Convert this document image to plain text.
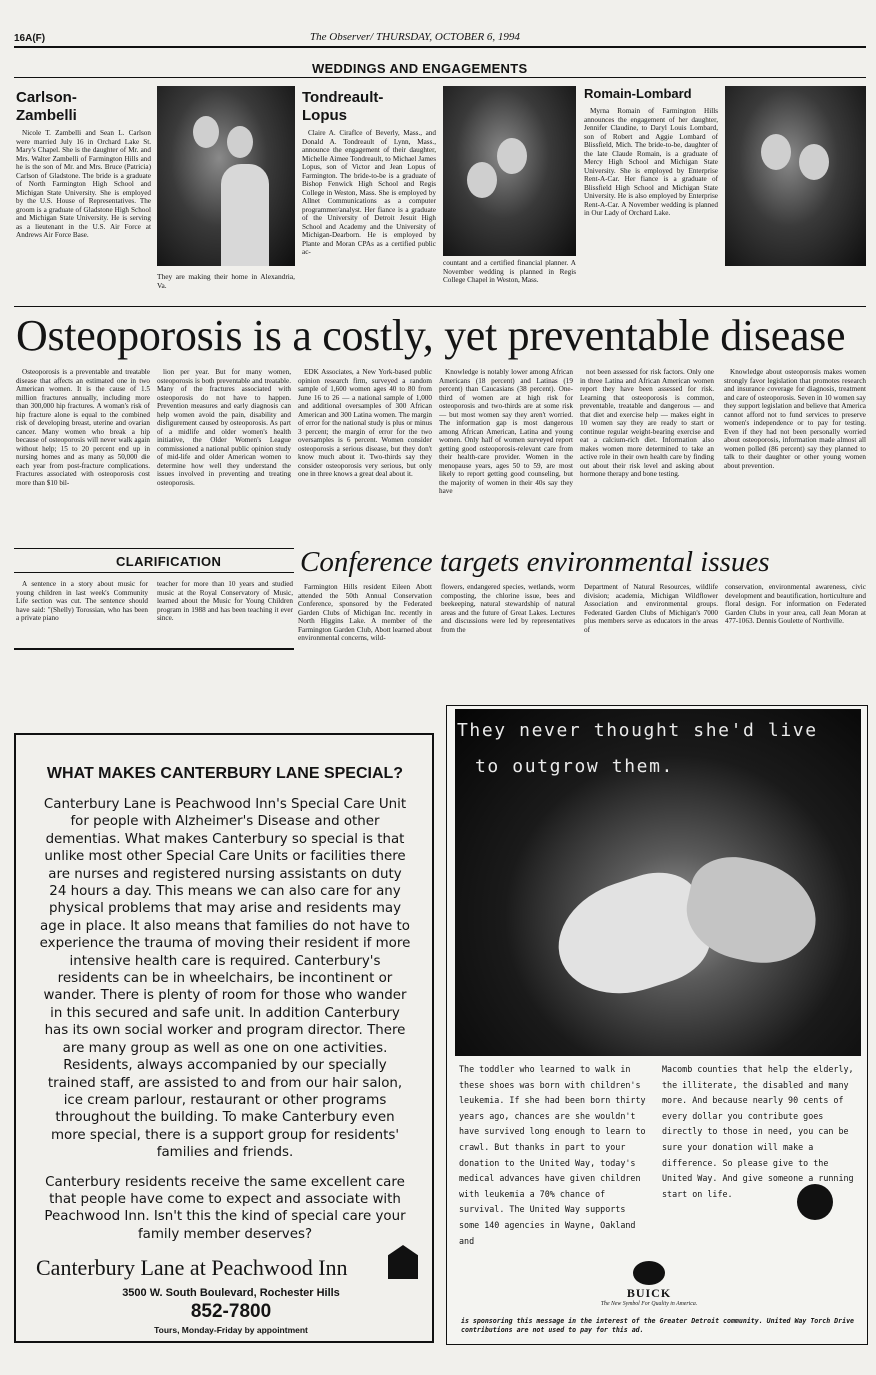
16A(F)	The Observer/ THURSDAY, OCTOBER 6, 1994
WEDDINGS AND ENGAGEMENTS
Carlson-
Zambelli

Nicole T. Zambelli and Sean L. Carlson were married July 16 in Orchard Lake St. Mary's Chapel. She is the daughter of Mr. and Mrs. Walter Zambelli of Farmington Hills and he is the son of Mr. and Mrs. Bruce (Patricia) Carlson of Gladstone. The bride is a graduate of North Farmington High School and Michigan State University. She is employed by the U.S. House of Representatives. The groom is a graduate of Gladstone High School and Michigan State University. He is serving as a lieutenant in the U.S. Air Force at Andrews Air Force Base.

They are making their home in Alexandria, Va.

Tondreault-
Lopus

Claire A. Ciraflce of Beverly, Mass., and Donald A. Tondreault of Lynn, Mass., announce the engagement of their daughter, Michelle Aimee Tondreault, to Michael James Lopus, son of Victor and Jean Lopus of Farmington. The bride-to-be is a graduate of Bishop Fenwick High School and Regis College in Weston, Mass. She is employed by Allnet Communications as a computer programmer/analyst. Her fiance is a graduate of the University of Detroit Jesuit High School and Academy and the University of Michigan-Dearborn. He is employed by Plante and Moran CPAs as a certified public ac-

countant and a certified financial planner. A November wedding is planned in Regis College Chapel in Weston, Mass.

Romain-Lombard

Myrna Romain of Farmington Hills announces the engagement of her daughter, Jennifer Claudine, to Daryl Louis Lombard, son of Robert and Aggie Lombard of Blissfield, Mich. The bride-to-be, daughter of the late Claude Romain, is a graduate of Mercy High School and Michigan State University. She is employed by Enterprise Rent-A-Car. Her fiance is a graduate of Blissfield High School and Michigan State University. He is also employed by Enterprise Rent-A-Car. A November wedding is planned in Our Lady of Orchard Lake.

Osteoporosis is a costly, yet preventable disease

Osteoporosis is a preventable and treatable disease that affects an estimated one in two American women. It is the cause of 1.5 million fractures annually, including more than 300,000 hip fractures. A woman's risk of hip fracture alone is equal to the combined risk of developing breast, uterine and ovarian cancer. Many women who break a hip because of osteoporosis will never walk again without help; 15 to 20 percent end up in nursing homes and as many as 50,000 die each year from post-fracture complications. Fractures associated with osteoporosis cost more than $10 bil-

lion per year. But for many women, osteoporosis is both preventable and treatable. Many of the fractures associated with osteoporosis do not have to happen. Prevention measures and early diagnosis can help women avoid the pain, disability and disfigurement caused by osteoporosis. As part of a midlife and older women's health initiative, the Older Women's League commissioned a national public opinion study of mid-life and older American women to determine how well they understand the issues involved in preventing and treating osteoporosis.

EDK Associates, a New York-based public opinion research firm, surveyed a random sample of 1,600 women ages 40 to 80 from June 16 to 26 — a national sample of 1,000 and additional oversamples of 300 African American and 300 Latina women. The margin of error for the national study is plus or minus 3 percent; the margin of error for the two oversamples is 6 percent. Women consider osteoporosis a serious disease, but they don't know much about it. Two-thirds say they consider osteoporosis very serious, but only one in three knows a great deal about it.

Knowledge is notably lower among African Americans (18 percent) and Latinas (19 percent) than Caucasians (38 percent). One-third of women are at high risk for osteoporosis and two-thirds are at some risk — but most women say they aren't worried. The information gap is most dangerous among African American, Latina and young women. Only half of women surveyed report getting good osteoporosis-relevant care from their health-care provider. Women in the menopause years, ages 50 to 59, are most likely to report getting good counseling, but the majority of women in their 40s say they have

not been assessed for risk factors. Only one in three Latina and African American women report they have been assessed for risk. Learning that osteoporosis is common, preventable, treatable and dangerous — and that diet and exercise help — makes eight in 10 women say they are ready to start or continue regular weight-bearing exercise and eat a calcium-rich diet. Information also makes women more determined to take an active role in their own health care by finding out about their risk level and asking about hormone therapy and bone testing.

Knowledge about osteoporosis makes women strongly favor legislation that promotes research and insurance coverage for diagnosis, treatment and care of osteoporosis. Seven in 10 women say they support legislation and believe that America cannot afford not to fund services to preserve women's independence or to pay for testing. Even if they had not been personally worried about osteoporosis, information made almost all women polled (86 percent) say they planned to talk to their daughter or other young women about prevention.

CLARIFICATION

A sentence in a story about music for young children in last week's Community Life section was cut. The sentence should have said: "(Shelly) Torossian, who has been a private piano

teacher for more than 10 years and studied music at the Royal Conservatory of Music, learned about the Music for Young Children program in 1988 and has been teaching it ever since.

Conference targets environmental issues

Farmington Hills resident Eileen Abott attended the 50th Annual Conservation Conference, sponsored by the Federated Garden Clubs of Michigan Inc. recently in North Higgins Lake. A member of the Farmington Garden Club, Abott learned about environmental concerns, wild-

flowers, endangered species, wetlands, worm composting, the chlorine issue, bees and beekeeping, natural stewardship of natural areas and the future of Great Lakes. Lectures and discussions were led by representatives from the

Department of Natural Resources, wildlife division; academia, Michigan Wildflower Association and environmental groups. Federated Garden Clubs of Michigan's 7000 plus members serve as educators in the areas of

conservation, environmental awareness, civic development and beautification, horticulture and floral design. For information on Federated Garden Clubs in your area, call Jean Moran at 477-1063. Dennis Goulette of Northville.

WHAT MAKES CANTERBURY LANE SPECIAL?

Canterbury Lane is Peachwood Inn's Special Care Unit for people with Alzheimer's Disease and other dementias. What makes Canterbury so special is that unlike most other Special Care Units or facilities there are nurses and registered nursing assistants on duty 24 hours a day. This means we can also care for any physical problems that may arise and residents may age in place. It also means that families do not have to experience the trauma of moving their resident if more intensive health care is required. Canterbury's residents can be in wheelchairs, be incontinent or wander. There is plenty of room for those who wander in this secured and safe unit. In addition Canterbury has its own social worker and program director. There are many group as well as one on one activities. Residents, always accompanied by our specially trained staff, are assisted to and from our hair salon, ice cream parlour, restaurant or other programs throughout the building. To make Canterbury even more special, there is a support group for residents' families and friends.

Canterbury residents receive the same excellent care that people have come to expect and associate with Peachwood Inn. Isn't this the kind of special care your family member deserves?

Canterbury Lane at Peachwood Inn
3500 W. South Boulevard, Rochester Hills
852-7800
Tours, Monday-Friday by appointment
They never thought she'd live
to outgrow them.
The toddler who learned to walk in these shoes was born with children's leukemia. If she had been born thirty years ago, chances are she wouldn't have survived long enough to learn to crawl. But thanks in part to your donation to the United Way, today's medical advances have given children with leukemia a 70% chance of survival. The United Way supports some 140 agencies in Wayne, Oakland and
Macomb counties that help the elderly, the illiterate, the disabled and many more. And because nearly 90 cents of every dollar you contribute goes directly to those in need, you can be sure your donation will make a difference. So please give to the United Way. And give someone a running start on life.
BUICK
The New Symbol For Quality in America.
is sponsoring this message in the interest of the Greater Detroit community. United Way Torch Drive contributions are not used to pay for this ad.
